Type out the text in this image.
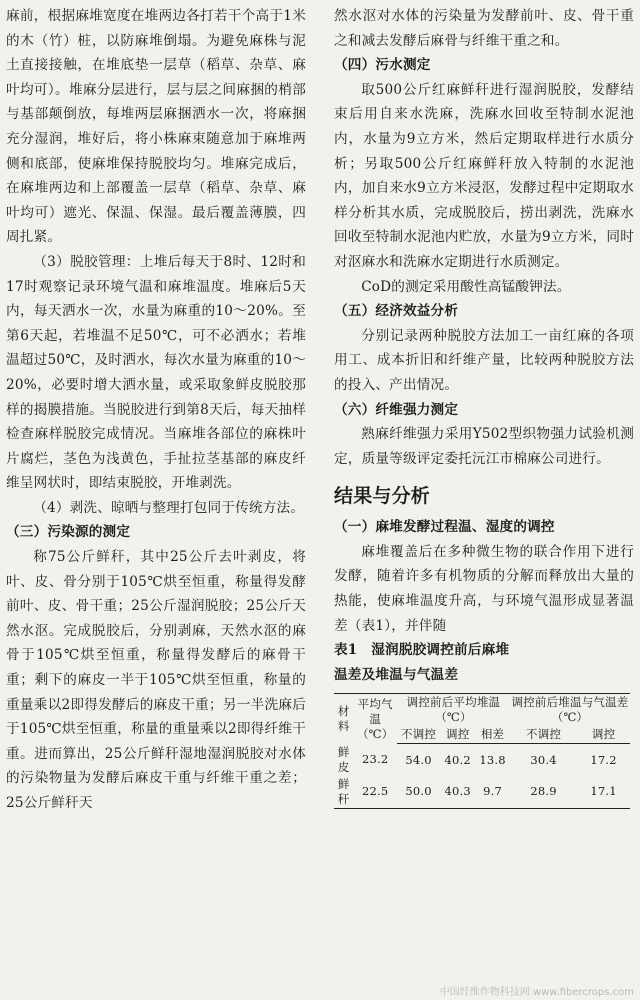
麻前，根据麻堆宽度在堆两边各打若干个高于1米的木（竹）桩，以防麻堆倒塌。为避免麻株与泥土直接接触，在堆底垫一层草（稻草、杂草、麻叶均可）。堆麻分层进行，层与层之间麻捆的梢部与基部颠倒放，每堆两层麻捆洒水一次，将麻捆充分湿润，堆好后，将小株麻束随意加于麻堆两侧和底部，使麻堆保持脱胶均匀。堆麻完成后，在麻堆两边和上部覆盖一层草（稻草、杂草、麻叶均可）遮光、保温、保湿。最后覆盖薄膜，四周扎紧。

（3）脱胶管理：上堆后每天于8时、12时和17时观察记录环境气温和麻堆温度。堆麻后5天内，每天洒水一次，水量为麻重的10～20%。至第6天起，若堆温不足50℃，可不必洒水；若堆温超过50℃，及时洒水，每次水量为麻重的10～20%，必要时增大洒水量，或采取象鲜皮脱胶那样的揭膜措施。当脱胶进行到第8天后，每天抽样检查麻样脱胶完成情况。当麻堆各部位的麻株叶片腐烂，茎色为浅黄色，手扯拉茎基部的麻皮纤维呈网状时，即结束脱胶，开堆剥洗。

（4）剥洗、晾晒与整理打包同于传统方法。

（三）污染源的测定

称75公斤鲜秆，其中25公斤去叶剥皮，将叶、皮、骨分别于105℃烘至恒重，称量得发酵前叶、皮、骨干重；25公斤湿润脱胶；25公斤天然水沤。完成脱胶后，分别剥麻，天然水沤的麻骨于105℃烘至恒重，称量得发酵后的麻骨干重；剩下的麻皮一半于105℃烘至恒重，称量的重量乘以2即得发酵后的麻皮干重；另一半洗麻后于105℃烘至恒重，称量的重量乘以2即得纤维干重。进而算出，25公斤鲜秆湿地湿润脱胶对水体的污染物量为发酵后麻皮干重与纤维干重之差；25公斤鲜秆天

然水沤对水体的污染量为发酵前叶、皮、骨干重之和减去发酵后麻骨与纤维干重之和。

（四）污水测定

取500公斤红麻鲜秆进行湿润脱胶，发酵结束后用自来水洗麻，洗麻水回收至特制水泥池内，水量为9立方米，然后定期取样进行水质分析；另取500公斤红麻鲜秆放入特制的水泥池内，加自来水9立方米浸沤，发酵过程中定期取水样分析其水质，完成脱胶后，捞出剥洗，洗麻水回收至特制水泥池内贮放，水量为9立方米，同时对沤麻水和洗麻水定期进行水质测定。

CoD的测定采用酸性高锰酸钾法。

（五）经济效益分析

分别记录两种脱胶方法加工一亩红麻的各项用工、成本折旧和纤维产量，比较两种脱胶方法的投入、产出情况。

（六）纤维强力测定

熟麻纤维强力采用Y502型织物强力试验机测定，质量等级评定委托沅江市棉麻公司进行。

结果与分析

（一）麻堆发酵过程温、湿度的调控

麻堆覆盖后在多种微生物的联合作用下进行发酵，随着许多有机物质的分解而释放出大量的热能，使麻堆温度升高，与环境气温形成显著温差（表1），并伴随

表1　湿润脱胶调控前后麻堆

温差及堆温与气温差

材料	平均气温
（℃）	调控前后平均堆温（℃）			调控前后堆温与气温差（℃）	
		不调控	调控	相差	不调控	调控
鲜皮	23.2	54.0	40.2	13.8	30.4	17.2
鲜秆	22.5	50.0	40.3	9.7	28.9	17.1
中国纤维作物科技网 www.fibercrops.com
